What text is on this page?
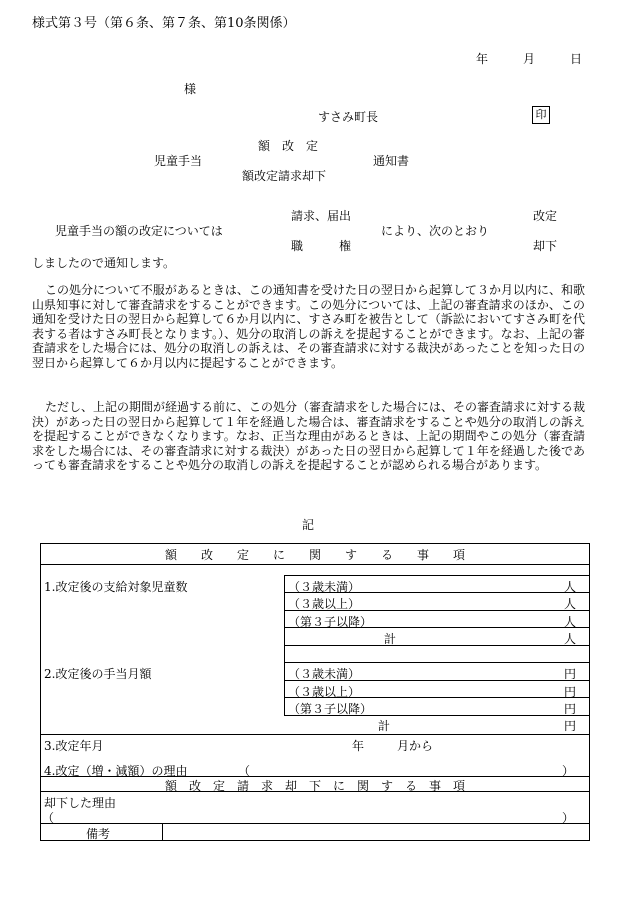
様式第３号（第６条、第７条、第10条関係）
年	月	日
様
すさみ町長	印
額　改　定
児童手当	通知書
額改定請求却下
請求、届出	改定
児童手当の額の改定については	により、次のとおり
職　　　権	却下
しましたので通知します。
この処分について不服があるときは、この通知書を受けた日の翌日から起算して３か月以内に、和歌山県知事に対して審査請求をすることができます。この処分については、上記の審査請求のほか、この通知を受けた日の翌日から起算して６か月以内に、すさみ町を被告として（訴訟においてすさみ町を代表する者はすさみ町長となります。）、処分の取消しの訴えを提起することができます。なお、上記の審査請求をした場合には、処分の取消しの訴えは、その審査請求に対する裁決があったことを知った日の翌日から起算して６か月以内に提起することができます。
ただし、上記の期間が経過する前に、この処分（審査請求をした場合には、その審査請求に対する裁決）があった日の翌日から起算して１年を経過した場合は、審査請求をすることや処分の取消しの訴えを提起することができなくなります。なお、正当な理由があるときは、上記の期間やこの処分（審査請求をした場合には、その審査請求に対する裁決）があった日の翌日から起算して１年を経過した後であっても審査請求をすることや処分の取消しの訴えを提起することが認められる場合があります。
記
額　　改　　定　　に　　関　　す　　る　　事　　項
1.改定後の支給対象児童数	（３歳未満）	人
（３歳以上）	人
（第３子以降）	人
計	人
2.改定後の手当月額	（３歳未満）	円
（３歳以上）	円
（第３子以降）	円
計	円
3.改定年月	年	月から
4.改定（増・減額）の理由	（	）
額　改　定　請　求　却　下　に　関　す　る　事　項
却下した理由
（	）
備考
